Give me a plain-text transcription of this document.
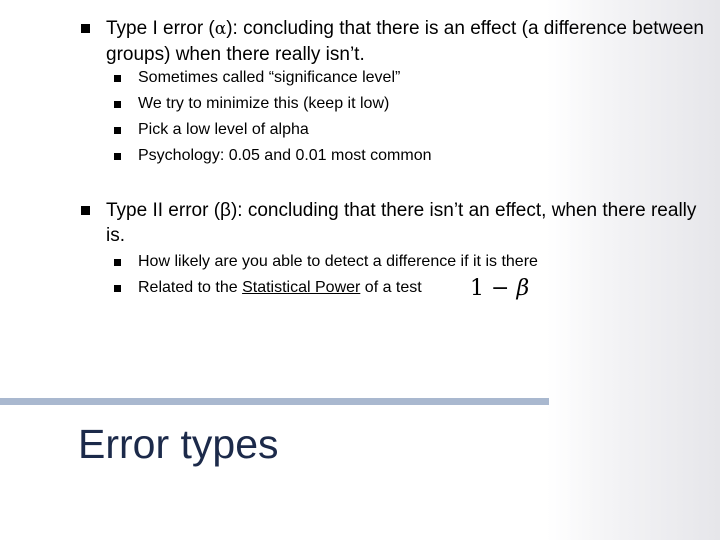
Type I error (α): concluding that there is an effect (a difference between groups) when there really isn’t.
Sometimes called “significance level”
We try to minimize this (keep it low)
Pick a low level of alpha
Psychology: 0.05 and 0.01 most common
Type II error (β): concluding that there isn’t an effect, when there really is.
How likely are you able to detect a difference if it is there
Related to the Statistical Power of a test 1 − β
Error types
